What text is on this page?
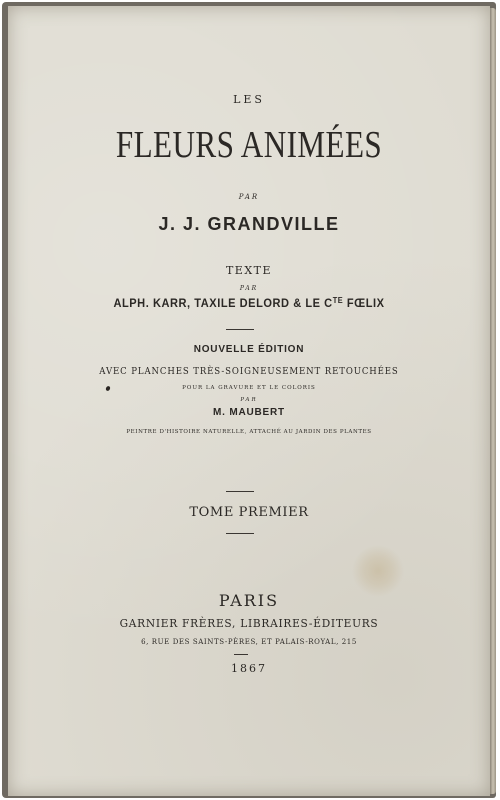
LES
FLEURS ANIMÉES
PAR
J. J. GRANDVILLE
TEXTE
PAR
ALPH. KARR, TAXILE DELORD & LE $C^{TE}$ FŒLIX
NOUVELLE ÉDITION
AVEC PLANCHES TRÈS-SOIGNEUSEMENT RETOUCHÉES
POUR LA GRAVURE ET LE COLORIS
PAR
M. MAUBERT
PEINTRE D'HISTOIRE NATURELLE, ATTACHÉ AU JARDIN DES PLANTES
TOME PREMIER
PARIS
GARNIER FRÈRES, LIBRAIRES-ÉDITEURS
6, RUE DES SAINTS-PÈRES, ET PALAIS-ROYAL, 215
1867
